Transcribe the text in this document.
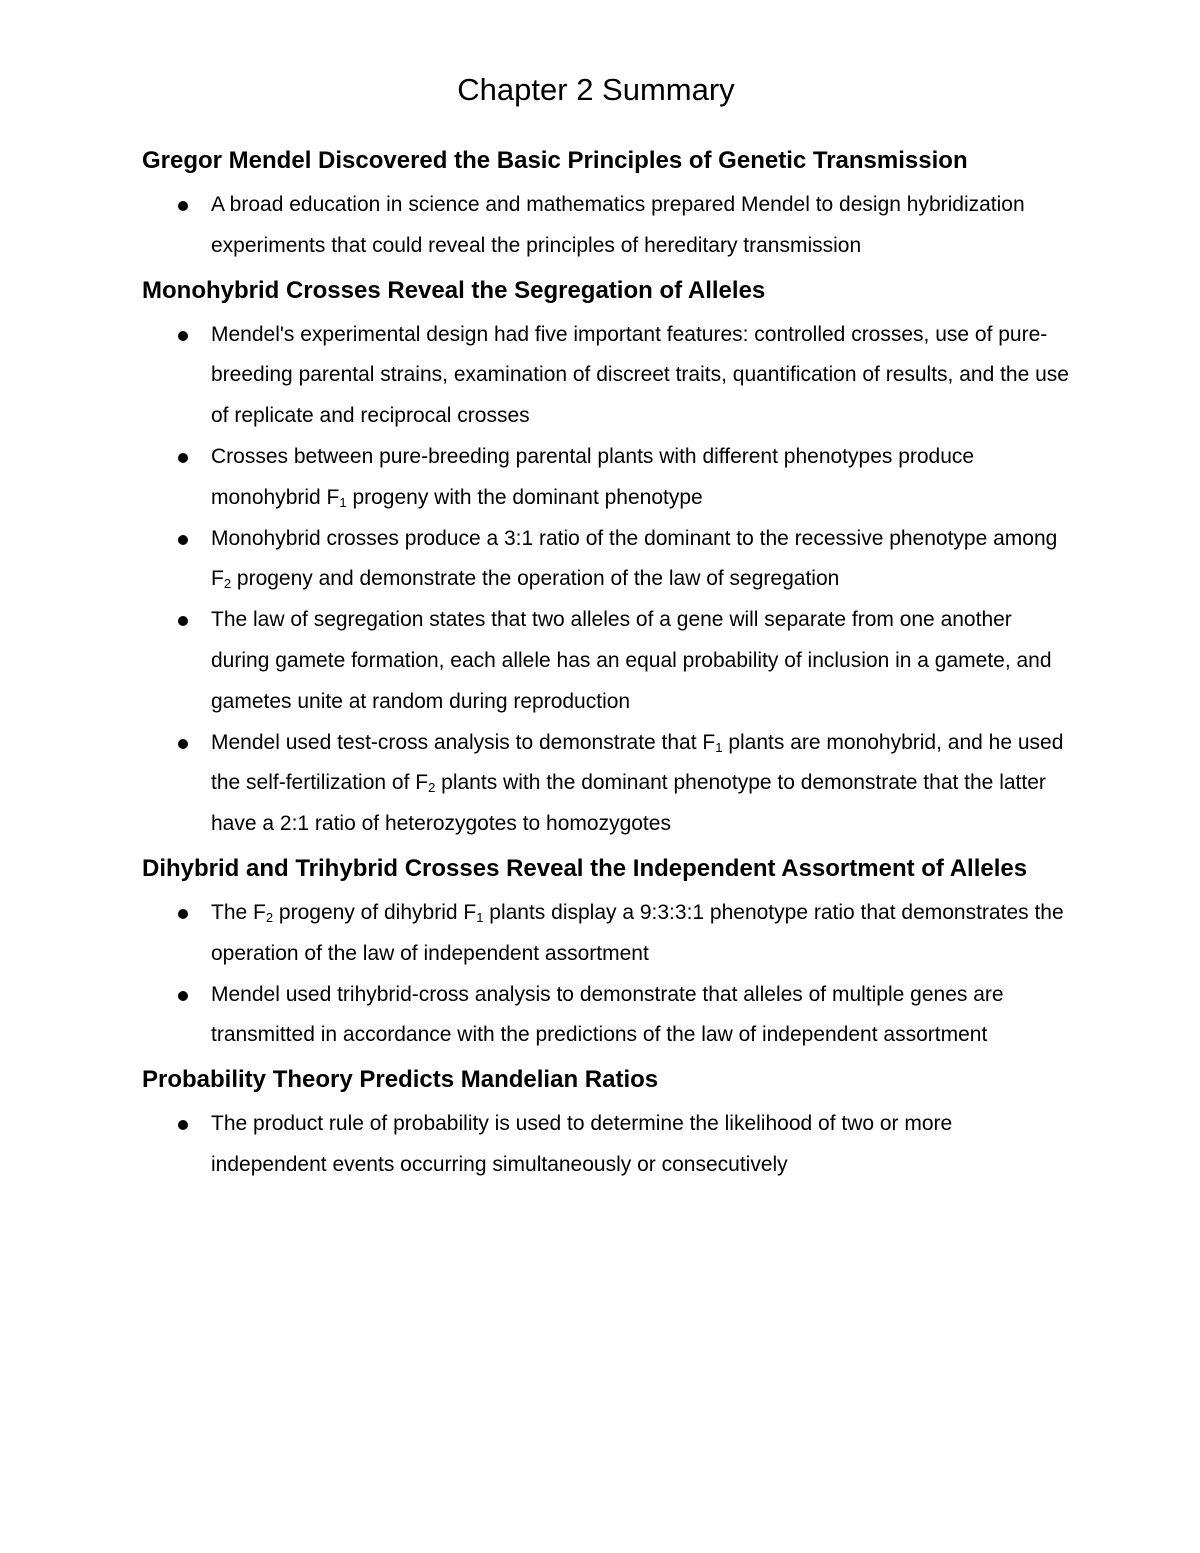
Chapter 2 Summary
Gregor Mendel Discovered the Basic Principles of Genetic Transmission
A broad education in science and mathematics prepared Mendel to design hybridization experiments that could reveal the principles of hereditary transmission
Monohybrid Crosses Reveal the Segregation of Alleles
Mendel's experimental design had five important features: controlled crosses, use of pure-breeding parental strains, examination of discreet traits, quantification of results, and the use of replicate and reciprocal crosses
Crosses between pure-breeding parental plants with different phenotypes produce monohybrid $F_1$ progeny with the dominant phenotype
Monohybrid crosses produce a 3:1 ratio of the dominant to the recessive phenotype among $F_2$ progeny and demonstrate the operation of the law of segregation
The law of segregation states that two alleles of a gene will separate from one another during gamete formation, each allele has an equal probability of inclusion in a gamete, and gametes unite at random during reproduction
Mendel used test-cross analysis to demonstrate that $F_1$ plants are monohybrid, and he used the self-fertilization of $F_2$ plants with the dominant phenotype to demonstrate that the latter have a 2:1 ratio of heterozygotes to homozygotes
Dihybrid and Trihybrid Crosses Reveal the Independent Assortment of Alleles
The $F_2$ progeny of dihybrid $F_1$ plants display a 9:3:3:1 phenotype ratio that demonstrates the operation of the law of independent assortment
Mendel used trihybrid-cross analysis to demonstrate that alleles of multiple genes are transmitted in accordance with the predictions of the law of independent assortment
Probability Theory Predicts Mandelian Ratios
The product rule of probability is used to determine the likelihood of two or more independent events occurring simultaneously or consecutively
